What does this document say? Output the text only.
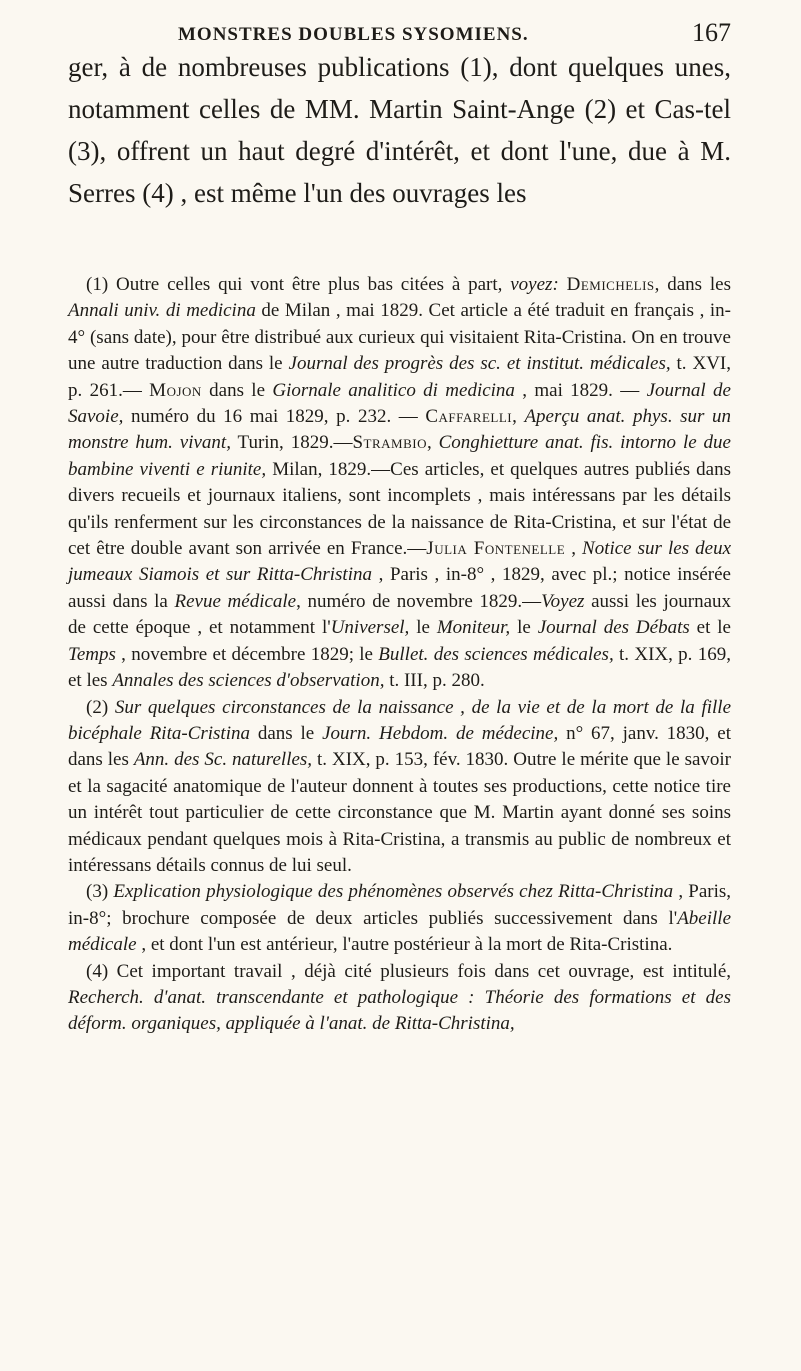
MONSTRES DOUBLES SYSOMIENS.	167
ger, à de nombreuses publications (1), dont quelques unes, notamment celles de MM. Martin Saint-Ange (2) et Cas-tel (3), offrent un haut degré d'intérêt, et dont l'une, due à M. Serres (4) , est même l'un des ouvrages les

(1) Outre celles qui vont être plus bas citées à part, voyez: Demichelis, dans les Annali univ. di medicina de Milan , mai 1829. Cet article a été traduit en français , in-4° (sans date), pour être distribué aux curieux qui visitaient Rita-Cristina. On en trouve une autre traduction dans le Journal des progrès des sc. et institut. médicales, t. XVI, p. 261.— Mojon dans le Giornale analitico di medicina , mai 1829. — Journal de Savoie, numéro du 16 mai 1829, p. 232. — Caffarelli, Aperçu anat. phys. sur un monstre hum. vivant, Turin, 1829.—Strambio, Conghietture anat. fis. intorno le due bambine viventi e riunite, Milan, 1829.—Ces articles, et quelques autres publiés dans divers recueils et journaux italiens, sont incomplets , mais intéressans par les détails qu'ils renferment sur les circonstances de la naissance de Rita-Cristina, et sur l'état de cet être double avant son arrivée en France.—Julia Fontenelle , Notice sur les deux jumeaux Siamois et sur Ritta-Christina , Paris , in-8° , 1829, avec pl.; notice insérée aussi dans la Revue médicale, numéro de novembre 1829.—Voyez aussi les journaux de cette époque , et notamment l'Universel, le Moniteur, le Journal des Débats et le Temps , novembre et décembre 1829; le Bullet. des sciences médicales, t. XIX, p. 169, et les Annales des sciences d'observation, t. III, p. 280.

(2) Sur quelques circonstances de la naissance , de la vie et de la mort de la fille bicéphale Rita-Cristina dans le Journ. Hebdom. de médecine, n° 67, janv. 1830, et dans les Ann. des Sc. naturelles, t. XIX, p. 153, fév. 1830. Outre le mérite que le savoir et la sagacité anatomique de l'auteur donnent à toutes ses productions, cette notice tire un intérêt tout particulier de cette circonstance que M. Martin ayant donné ses soins médicaux pendant quelques mois à Rita-Cristina, a transmis au public de nombreux et intéressans détails connus de lui seul.

(3) Explication physiologique des phénomènes observés chez Ritta-Christina , Paris, in-8°; brochure composée de deux articles publiés successivement dans l'Abeille médicale , et dont l'un est antérieur, l'autre postérieur à la mort de Rita-Cristina.

(4) Cet important travail , déjà cité plusieurs fois dans cet ouvrage, est intitulé, Recherch. d'anat. transcendante et pathologique : Théorie des formations et des déform. organiques, appliquée à l'anat. de Ritta-Christina,
